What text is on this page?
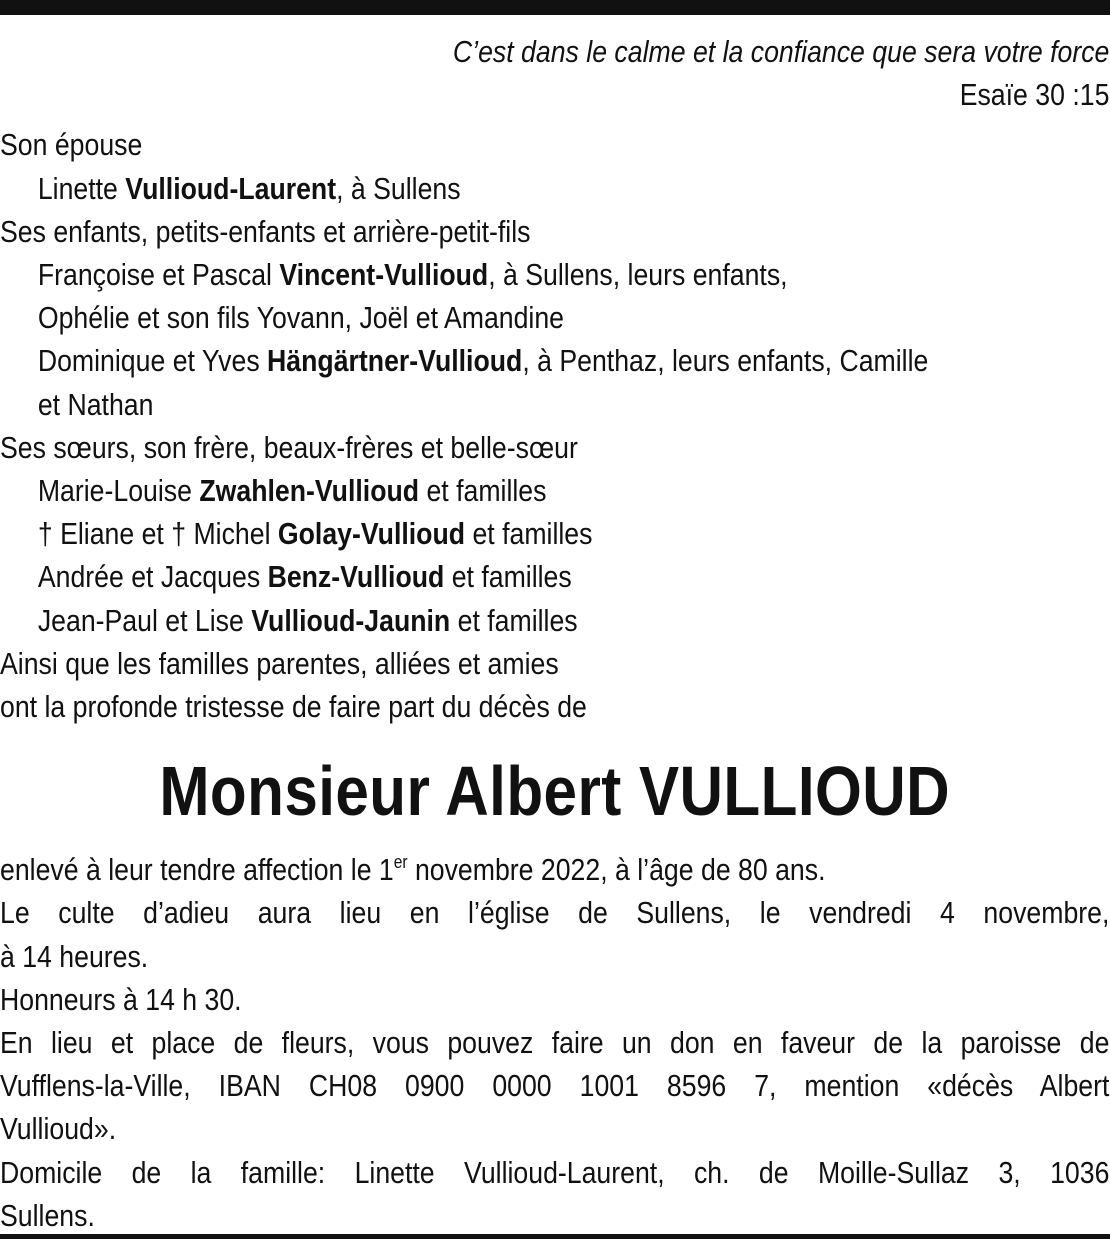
C’est dans le calme et la confiance que sera votre force
Esaïe 30 :15
Son épouse
Linette Vullioud-Laurent, à Sullens
Ses enfants, petits-enfants et arrière-petit-fils
Françoise et Pascal Vincent-Vullioud, à Sullens, leurs enfants,
Ophélie et son fils Yovann, Joël et Amandine
Dominique et Yves Hängärtner-Vullioud, à Penthaz, leurs enfants, Camille
et Nathan
Ses sœurs, son frère, beaux-frères et belle-sœur
Marie-Louise Zwahlen-Vullioud et familles
† Eliane et † Michel Golay-Vullioud et familles
Andrée et Jacques Benz-Vullioud et familles
Jean-Paul et Lise Vullioud-Jaunin et familles
Ainsi que les familles parentes, alliées et amies
ont la profonde tristesse de faire part du décès de
Monsieur Albert VULLIOUD
enlevé à leur tendre affection le 1er novembre 2022, à l’âge de 80 ans.
Le culte d’adieu aura lieu en l’église de Sullens, le vendredi 4 novembre,
à 14 heures.
Honneurs à 14 h 30.
En lieu et place de fleurs, vous pouvez faire un don en faveur de la paroisse de
Vufflens-la-Ville, IBAN CH08 0900 0000 1001 8596 7, mention «décès Albert
Vullioud».
Domicile de la famille: Linette Vullioud-Laurent, ch. de Moille-Sullaz 3, 1036
Sullens.
